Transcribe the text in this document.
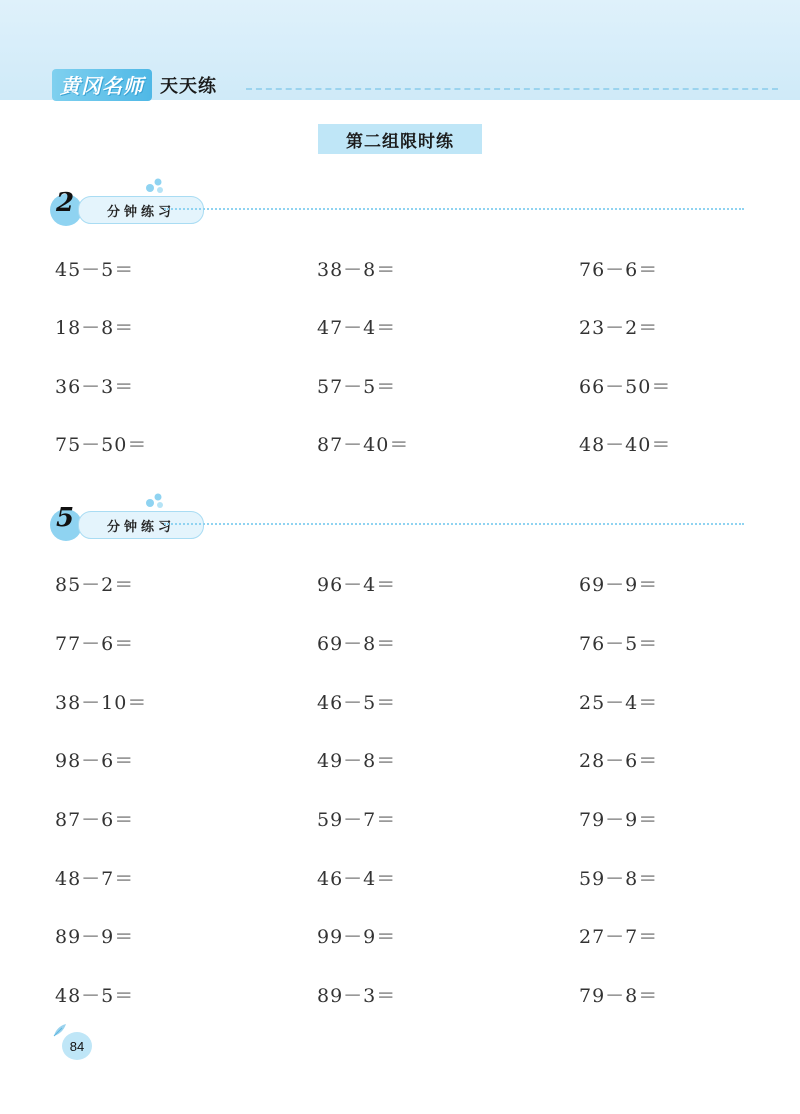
黄冈名师 天天练
第二组限时练
分钟练习
2
45－5＝	38－8＝	76－6＝
18－8＝	47－4＝	23－2＝
36－3＝	57－5＝	66－50＝
75－50＝	87－40＝	48－40＝
分钟练习
5
85－2＝	96－4＝	69－9＝
77－6＝	69－8＝	76－5＝
38－10＝	46－5＝	25－4＝
98－6＝	49－8＝	28－6＝
87－6＝	59－7＝	79－9＝
48－7＝	46－4＝	59－8＝
89－9＝	99－9＝	27－7＝
48－5＝	89－3＝	79－8＝
84
